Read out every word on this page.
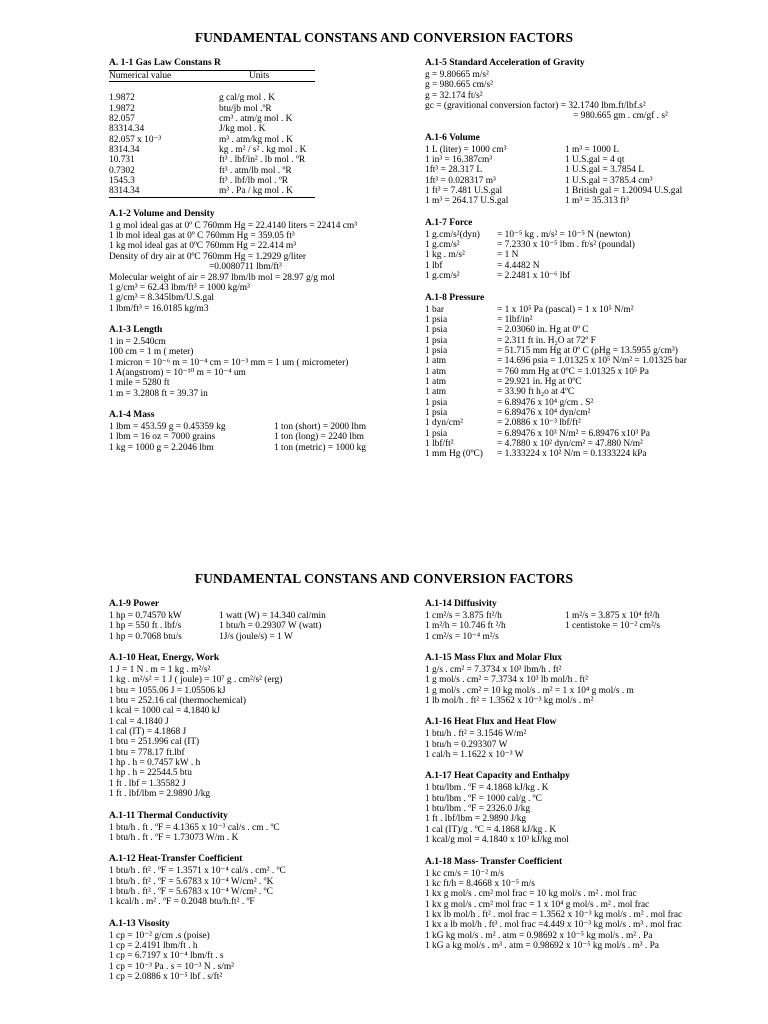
FUNDAMENTAL CONSTANS AND CONVERSION FACTORS
A. 1-1 Gas Law Constans R
Numerical value	Units
1.9872	g cal/g mol . K
1.9872	btu/jb mol .ºR
82.057	cm³ . atm/g mol . K
83314.34	J/kg mol . K
82.057 x 10⁻³	m³ . atm/kg mol . K
8314.34	kg . m² / s² . kg mol . K
10.731	ft³ . lbf/in² . lb mol . ºR
0.7302	ft³ . atm/lb mol . ºR
1545.3	ft³ . lbf/lb mol . ºR
8314.34	m³ . Pa / kg mol . K
A.1-2 Volume and Density
1 g mol ideal gas at 0º C 760mm Hg = 22.4140 liters = 22414 cm³
1 lb mol ideal gas at 0º C 760mm Hg = 359.05 ft³
1 kg mol ideal gas at 0ºC 760mm Hg = 22.414 m³
Density of dry air at 0ºC 760mm Hg = 1.2929 g/liter
=0.0080711 lbm/ft³
Molecular weight of air = 28.97 lbm/lb mol = 28.97 g/g mol
1 g/cm³ = 62.43 lbm/ft³ = 1000 kg/m³
1 g/cm³ = 8.345lbm/U.S.gal
1 lbm/ft³ = 16.0185 kg/m3
A.1-3 Length
1 in = 2.540cm
100 cm = 1 m ( meter)
1 micron = 10⁻⁶ m = 10⁻⁴ cm = 10⁻³ mm = 1 um ( micrometer)
1 A(angstrom) = 10⁻¹⁰ m = 10⁻⁴ um
1 mile = 5280 ft
1 m = 3.2808 ft = 39.37 in
A.1-4 Mass
1 lbm = 453.59 g = 0.45359 kg	1 ton (short) = 2000 lbm
1 lbm = 16 oz = 7000 grains	1 ton (long) = 2240 lbm
1 kg = 1000 g = 2.2046 lbm	1 ton (metric) = 1000 kg
A.1-5 Standard Acceleration of Gravity
g = 9.80665 m/s²
g = 980.665 cm/s²
g = 32.174 ft/s²
gc = (gravitional conversion factor) = 32.1740 lbm.ft/lbf.s²
= 980.665 gm . cm/gf . s²
A.1-6 Volume
1 L (liter) = 1000 cm³	1 m³ = 1000 L
1 in³ = 16.387cm³	1 U.S.gal = 4 qt
1ft³ = 28.317 L	1 U.S.gal = 3.7854 L
1ft³ = 0.028317 m³	1 U.S.gal = 3785.4 cm³
1 ft³ = 7.481 U.S.gal	1 British gal = 1.20094 U.S.gal
1 m³ = 264.17 U.S.gal	1 m³ = 35.313 ft³
A.1-7 Force
1 g.cm/s²(dyn)	= 10⁻⁵ kg . m/s² = 10⁻⁵ N (newton)
1 g.cm/s²	= 7.2330 x 10⁻⁵ lbm . ft/s² (poundal)
1 kg . m/s²	= 1 N
1 lbf	= 4.4482 N
1 g.cm/s²	= 2.2481 x 10⁻⁶ lbf
A.1-8 Pressure
1 bar	= 1 x 10⁵ Pa (pascal) = 1 x 10⁵ N/m²
1 psia	= 1lbf/in²
1 psia	= 2.03060 in. Hg at 0º C
1 psia	= 2.311 ft in. H₂O at 72º F
1 psia	= 51.715 mm Hg at 0º C (ρHg = 13.5955 g/cm³)
1 atm	= 14.696 psia = 1.01325 x 10⁵ N/m² = 1.01325 bar
1 atm	= 760 mm Hg at 0ºC = 1.01325 x 10⁵ Pa
1 atm	= 29.921 in. Hg at 0ºC
1 atm	= 33.90 ft h₂o at 4ºC
1 psia	= 6.89476 x 10⁴ g/cm . S²
1 psia	= 6.89476 x 10⁴ dyn/cm²
1 dyn/cm²	= 2.0886 x 10⁻³ lbf/ft²
1 psia	= 6.89476 x 10³ N/m² = 6.89476 x10³ Pa
1 lbf/ft²	= 4.7880 x 10² dyn/cm² = 47.880 N/m²
1 mm Hg (0ºC)	= 1.333224 x 10² N/m = 0.1333224 kPa
FUNDAMENTAL CONSTANS AND CONVERSION FACTORS
A.1-9 Power
1 hp = 0.74570 kW	1 watt (W) = 14.340 cal/min
1 hp = 550 ft . lbf/s	1 btu/h = 0.29307 W (watt)
1 hp = 0.7068 btu/s	1J/s (joule/s) = 1 W
A.1-10 Heat, Energy, Work
1 J = 1 N . m = 1 kg . m²/s²
1 kg . m²/s² = 1 J ( joule) = 10⁷ g . cm²/s² (erg)
1 btu = 1055.06 J = 1.05506 kJ
1 btu = 252.16 cal (thermochemical)
1 kcal = 1000 cal = 4.1840 kJ
1 cal = 4.1840 J
1 cal (IT) = 4.1868 J
1 btu = 251.996 cal (IT)
1 btu = 778.17 ft.lbf
1 hp . h = 0.7457 kW . h
1 hp . h = 22544.5 btu
1 ft . lbf = 1.35582 J
1 ft . lbf/lbm = 2.9890 J/kg
A.1-11 Thermal Conductivity
1 btu/h . ft . ºF = 4.1365 x 10⁻³ cal/s . cm . ºC
1 btu/h . ft . ºF = 1.73073 W/m . K
A.1-12 Heat-Transfer Coefficient
1 btu/h . ft² . ºF = 1.3571 x 10⁻⁴ cal/s . cm² . ºC
1 btu/h . ft² . ºF = 5.6783 x 10⁻⁴ W/cm² . ºK
1 btu/h . ft² . ºF = 5.6783 x 10⁻⁴ W/cm² . ºC
1 kcal/h . m² . ºF = 0.2048 btu/h.ft² . ºF
A.1-13 Visosity
1 cp = 10⁻² g/cm .s (poise)
1 cp = 2.4191 lbm/ft . h
1 cp = 6.7197 x 10⁻⁴ lbm/ft . s
1 cp = 10⁻³ Pa . s = 10⁻³ N . s/m²
1 cp = 2.0886 x 10⁻⁵ lbf . s/ft²
A.1-14 Diffusivity
1 cm²/s = 3.875 ft²/h	1 m²/s = 3.875 x 10⁴ ft²/h
1 m²/h = 10.746 ft ²/h	1 centistoke = 10⁻² cm²/s
1 cm²/s = 10⁻⁴ m²/s
A.1-15 Mass Flux and Molar Flux
1 g/s . cm² = 7.3734 x 10³ lbm/h . ft²
1 g mol/s . cm² = 7.3734 x 10³ lb mol/h . ft²
1 g mol/s . cm² = 10 kg mol/s . m² = 1 x 10⁴ g mol/s . m
1 lb mol/h . ft² = 1.3562 x 10⁻³ kg mol/s . m²
A.1-16 Heat Flux and Heat Flow
1 btu/h . ft² = 3.1546 W/m²
1 btu/h = 0.293307 W
1 cal/h = 1.1622 x 10⁻³ W
A.1-17 Heat Capacity and Enthalpy
1 btu/lbm . ºF = 4.1868 kJ/kg . K
1 btu/lbm . ºF = 1000 cal/g . ºC
1 btu/lbm . ºF = 2326.0 J/kg
1 ft . lbf/lbm = 2.9890 J/kg
1 cal (IT)/g . ºC = 4.1868 kJ/kg . K
1 kcal/g mol = 4.1840 x 10³ kJ/kg mol
A.1-18 Mass- Transfer Coefficient
1 kc cm/s = 10⁻² m/s
1 kc ft/h = 8.4668 x 10⁻⁵ m/s
1 kx g mol/s . cm² mol frac = 10 kg mol/s . m² . mol frac
1 kx g mol/s . cm² mol frac = 1 x 10⁴ g mol/s . m² . mol frac
1 kx lb mol/h . ft² . mol frac = 1.3562 x 10⁻³ kg mol/s . m² . mol frac
1 kx a lb mol/h . ft³ . mol frac =4.449 x 10⁻³ kg mol/s . m³ . mol frac
1 kG kg mol/s . m² . atm = 0.98692 x 10⁻⁵ kg mol/s . m² . Pa
1 kG a kg mol/s . m³ . atm = 0.98692 x 10⁻⁵ kg mol/s . m³ . Pa
